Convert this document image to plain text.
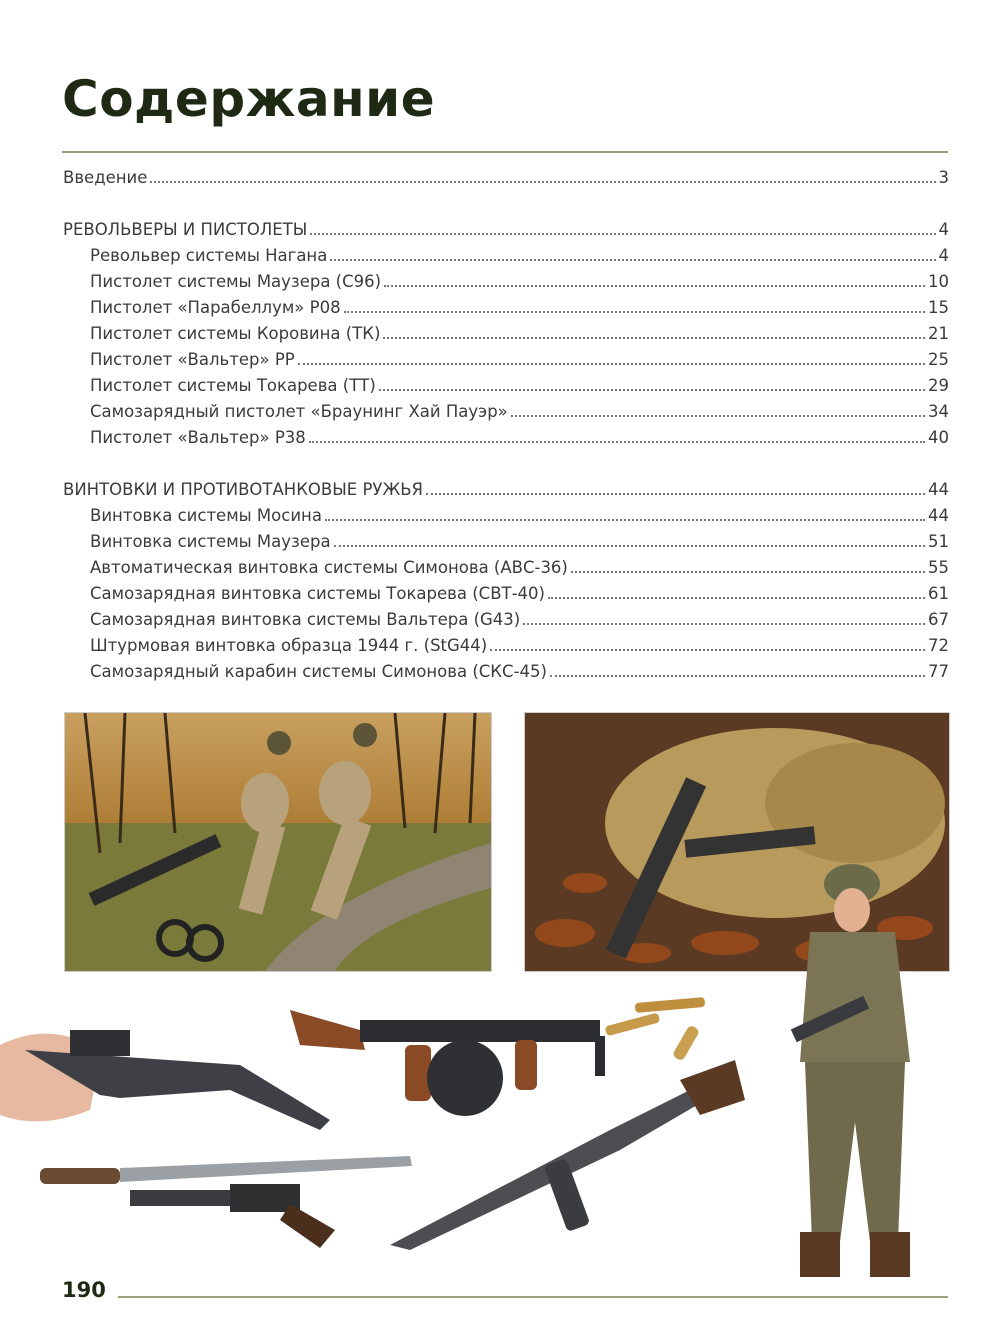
Содержание
Введение	3
РЕВОЛЬВЕРЫ И ПИСТОЛЕТЫ	4
Револьвер системы Нагана	4
Пистолет системы Маузера (С96)	10
Пистолет «Парабеллум» Р08	15
Пистолет системы Коровина (ТК)	21
Пистолет «Вальтер» РР	25
Пистолет системы Токарева (ТТ)	29
Самозарядный пистолет «Браунинг Хай Пауэр»	34
Пистолет «Вальтер» Р38	40
ВИНТОВКИ И ПРОТИВОТАНКОВЫЕ РУЖЬЯ	44
Винтовка системы Мосина	44
Винтовка системы Маузера	51
Автоматическая винтовка системы Симонова (АВС-36)	55
Самозарядная винтовка системы Токарева (СВТ-40)	61
Самозарядная винтовка системы Вальтера (G43)	67
Штурмовая винтовка образца 1944 г. (StG44)	72
Самозарядный карабин системы Симонова (СКС-45)	77
190
